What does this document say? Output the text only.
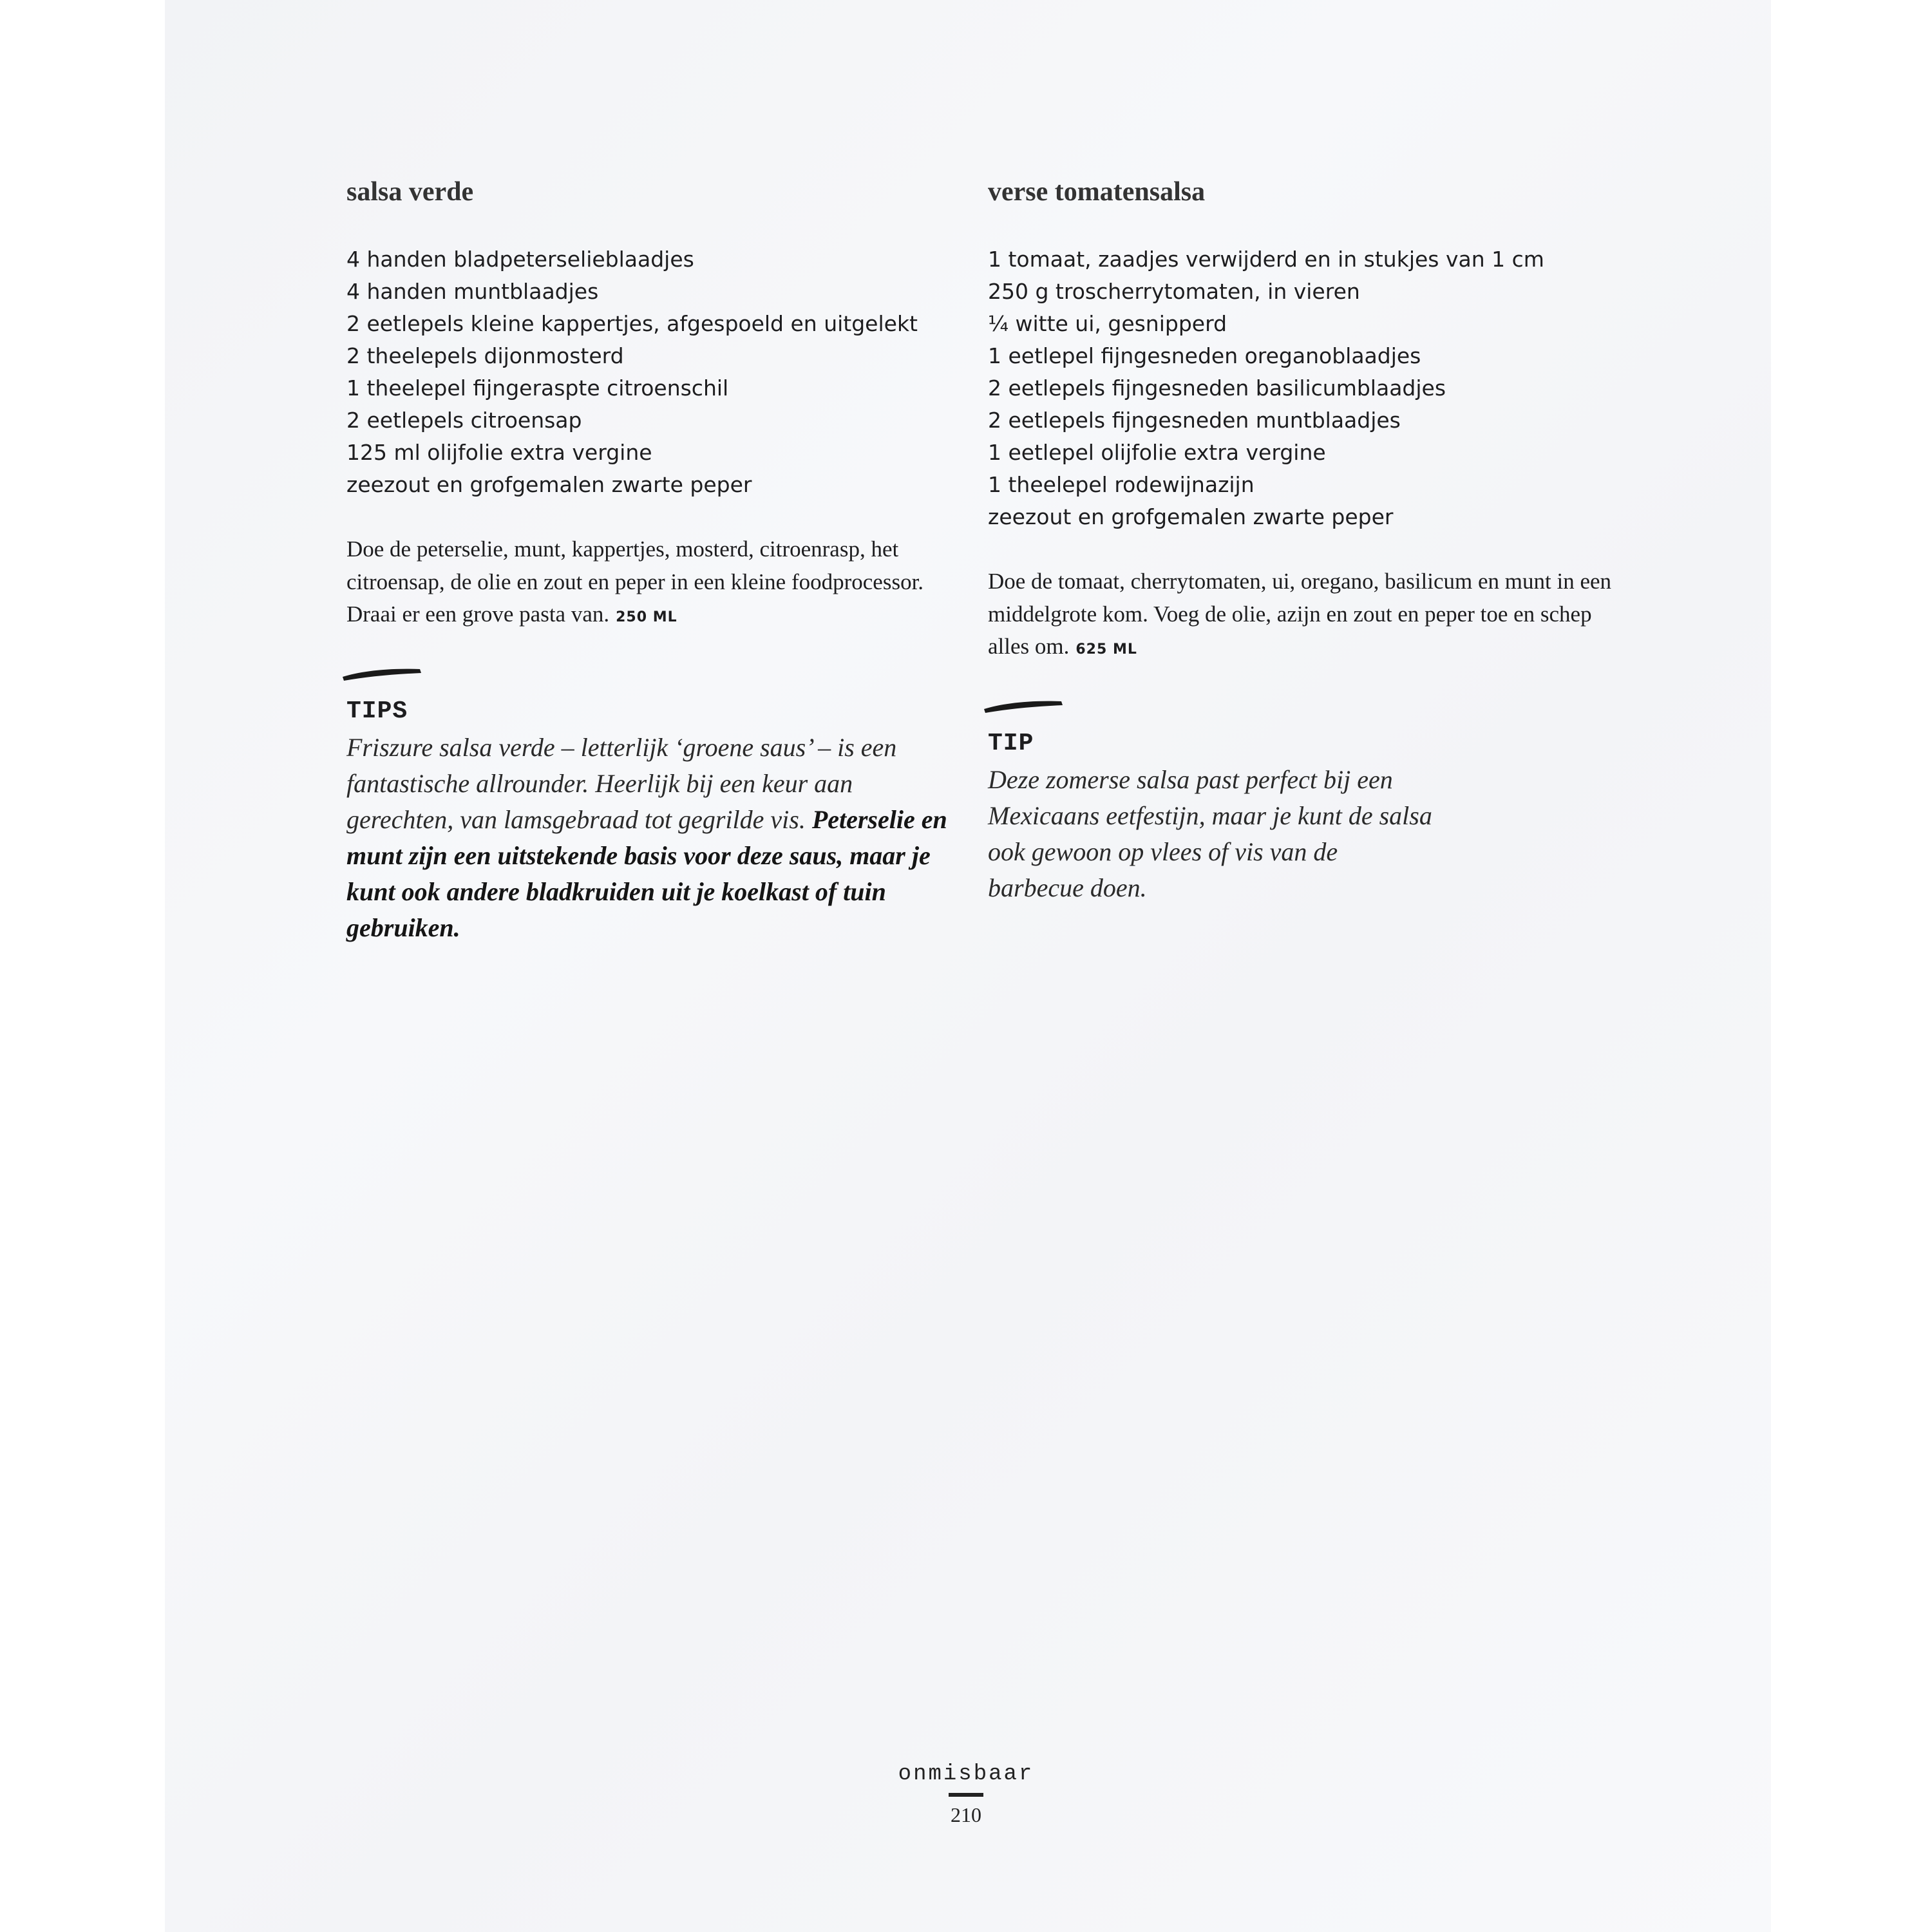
salsa verde
4 handen bladpeterselieblaadjes
4 handen muntblaadjes
2 eetlepels kleine kappertjes, afgespoeld en uitgelekt
2 theelepels dijonmosterd
1 theelepel fijngeraspte citroenschil
2 eetlepels citroensap
125 ml olijfolie extra vergine
zeezout en grofgemalen zwarte peper

Doe de peterselie, munt, kappertjes, mosterd, citroenrasp, het citroensap, de olie en zout en peper in een kleine foodprocessor. Draai er een grove pasta van. 250 ML

TIPS
Friszure salsa verde – letterlijk ‘groene saus’ – is een fantastische allrounder. Heerlijk bij een keur aan gerechten, van lamsgebraad tot gegrilde vis. Peterselie en munt zijn een uitstekende basis voor deze saus, maar je kunt ook andere bladkruiden uit je koelkast of tuin gebruiken.
verse tomatensalsa
1 tomaat, zaadjes verwijderd en in stukjes van 1 cm
250 g troscherrytomaten, in vieren
¼ witte ui, gesnipperd
1 eetlepel fijngesneden oreganoblaadjes
2 eetlepels fijngesneden basilicumblaadjes
2 eetlepels fijngesneden muntblaadjes
1 eetlepel olijfolie extra vergine
1 theelepel rodewijnazijn
zeezout en grofgemalen zwarte peper

Doe de tomaat, cherrytomaten, ui, oregano, basilicum en munt in een middelgrote kom. Voeg de olie, azijn en zout en peper toe en schep alles om. 625 ML

TIP
Deze zomerse salsa past perfect bij een Mexicaans eetfestijn, maar je kunt de salsa ook gewoon op vlees of vis van de barbecue doen.
onmisbaar
210
